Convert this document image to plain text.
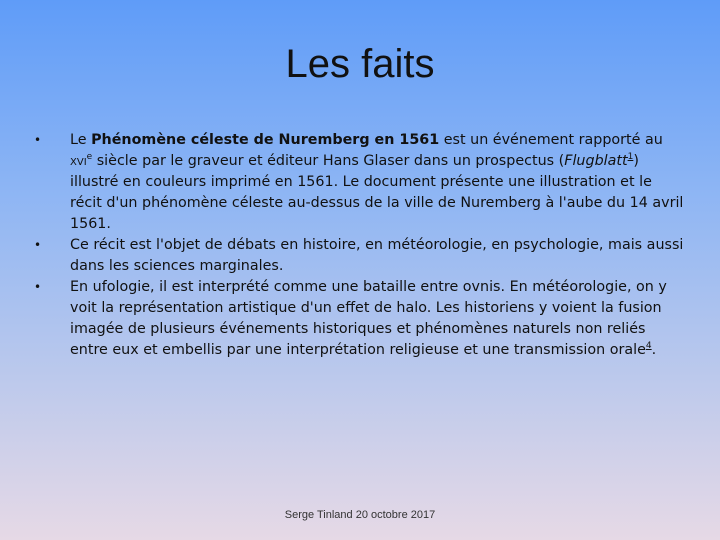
Les faits
• Le Phénomène céleste de Nuremberg en 1561 est un événement rapporté au xvi$^e$ siècle par le graveur et éditeur Hans Glaser dans un prospectus (Flugblatt$^1$) illustré en couleurs imprimé en 1561. Le document présente une illustration et le récit d'un phénomène céleste au-dessus de la ville de Nuremberg à l'aube du 14 avril 1561.
• Ce récit est l'objet de débats en histoire, en météorologie, en psychologie, mais aussi dans les sciences marginales.
• En ufologie, il est interprété comme une bataille entre ovnis. En météorologie, on y voit la représentation artistique d'un effet de halo. Les historiens y voient la fusion imagée de plusieurs événements historiques et phénomènes naturels non reliés entre eux et embellis par une interprétation religieuse et une transmission orale$^4$.
Serge Tinland 20 octobre 2017
